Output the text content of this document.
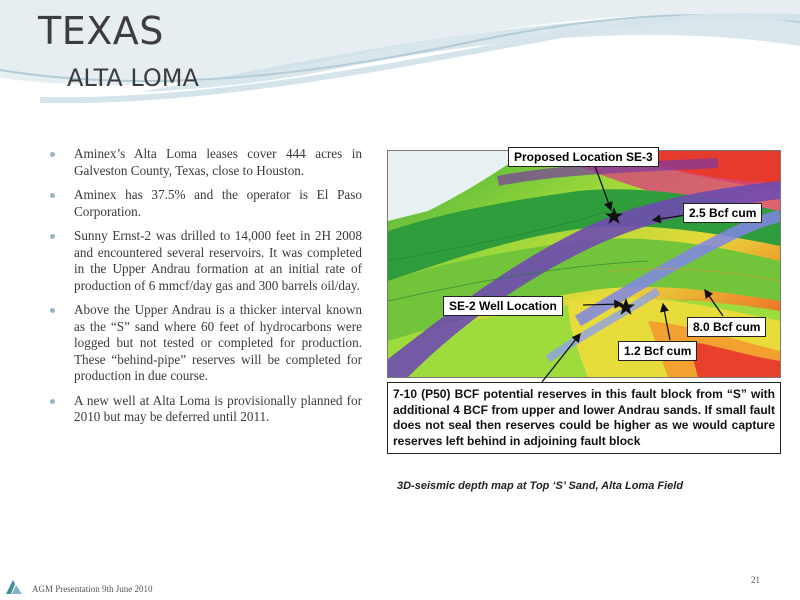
TEXAS
ALTA LOMA
Aminex’s Alta Loma leases cover 444 acres in Galveston County, Texas, close to Houston.
Aminex has 37.5% and the operator is El Paso Corporation.
Sunny Ernst-2 was drilled to 14,000 feet in 2H 2008 and encountered several reservoirs. It was completed in the Upper Andrau formation at an initial rate of production of 6 mmcf/day gas and 300 barrels oil/day.
Above the Upper Andrau is a thicker interval known as the “S” sand where 60 feet of hydrocarbons were logged but not tested or completed for production. These “behind-pipe” reserves will be completed for production in due course.
A new well at Alta Loma is provisionally planned for 2010 but may be deferred until 2011.
Proposed Location SE-3
2.5 Bcf cum
SE-2 Well Location
8.0 Bcf cum
1.2 Bcf cum
7-10 (P50) BCF potential reserves in this fault block from “S” with additional 4 BCF from upper and lower Andrau sands. If small fault does not seal then reserves could be higher as we would capture reserves left behind in adjoining fault block
3D-seismic depth map at Top ‘S’ Sand, Alta Loma Field
AGM Presentation 9th June 2010
21
